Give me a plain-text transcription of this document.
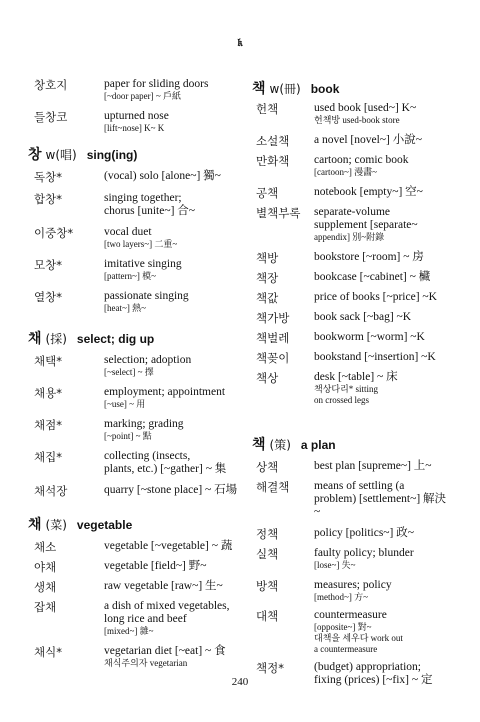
𝔨
창호지	paper for sliding doors
[~door paper] ~ 戶紙
들창코	upturned nose
[lift~nose] K~ K
창 w(唱) sing(ing)
독창*	(vocal) solo [alone~] 獨~
합창*	singing together;
chorus [unite~] 合~
이중창*	vocal duet
[two layers~] 二重~
모창*	imitative singing
[pattern~] 模~
열창*	passionate singing
[heat~] 熱~
채 (採) select; dig up
채택*	selection; adoption
[~select] ~ 擇
채용*	employment; appointment
[~use] ~ 用
채점*	marking; grading
[~point] ~ 點
채집*	collecting (insects,
plants, etc.) [~gather] ~ 集
채석장	quarry [~stone place] ~ 石場
채 (菜) vegetable
채소	vegetable [~vegetable] ~ 蔬
야채	vegetable [field~] 野~
생채	raw vegetable [raw~] 生~
잡채	a dish of mixed vegetables,
long rice and beef
[mixed~] 雜~
채식*	vegetarian diet [~eat] ~ 食
채식주의자 vegetarian
책 w(冊) book
헌책	used book [used~] K~
헌책방 used-book store
소설책	a novel [novel~] 小說~
만화책	cartoon; comic book
[cartoon~] 漫畵~
공책	notebook [empty~] 空~
별책부록	separate-volume
supplement [separate~
appendix] 別~附錄
책방	bookstore [~room] ~ 房
책장	bookcase [~cabinet] ~ 欌
책값	price of books [~price] ~K
책가방	book sack [~bag] ~K
책벌레	bookworm [~worm] ~K
책꽂이	bookstand [~insertion] ~K
책상	desk [~table] ~ 床
책상다리* sitting
on crossed legs
책 (策) a plan
상책	best plan [supreme~] 上~
해결책	means of settling (a
problem) [settlement~] 解決~
정책	policy [politics~] 政~
실책	faulty policy; blunder
[lose~] 失~
방책	measures; policy
[method~] 方~
대책	countermeasure
[opposite~] 對~
대책을 세우다 work out
a countermeasure
책정*	(budget) appropriation;
fixing (prices) [~fix] ~ 定
240
